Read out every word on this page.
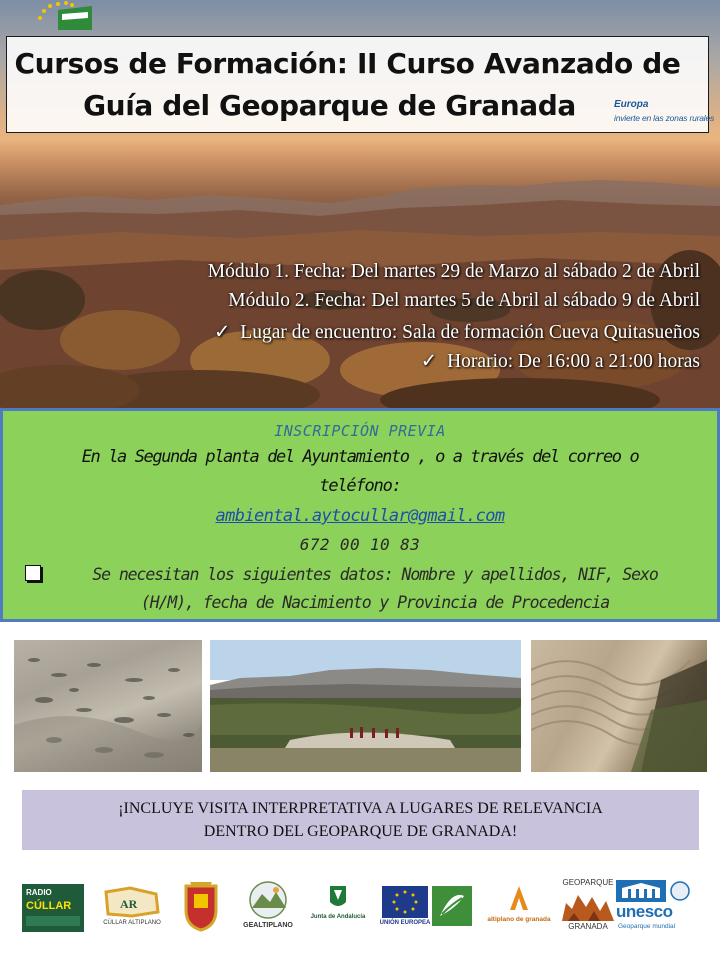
Cursos de Formación: II Curso Avanzado de
Guía del Geoparque de Granada	Europa
invierte en las zonas rurales
Módulo 1. Fecha: Del martes 29 de Marzo al sábado 2 de Abril
Módulo 2. Fecha: Del martes 5 de Abril al sábado 9 de Abril
✓ Lugar de encuentro: Sala de formación Cueva Quitasueños
✓ Horario: De 16:00 a 21:00 horas
INSCRIPCIÓN PREVIA
En la Segunda planta del Ayuntamiento , o a través del correo o
teléfono:
ambiental.aytocullar@gmail.com
672 00 10 83
Se necesitan los siguientes datos: Nombre y apellidos, NIF, Sexo
(H/M), fecha de Nacimiento y Provincia de Procedencia
¡INCLUYE VISITA INTERPRETATIVA A LUGARES DE RELEVANCIA
DENTRO DEL GEOPARQUE DE GRANADA!
RADIO
CÚLLAR	AR
CÚLLAR ALTIPLANO	GEALTIPLANO
Junta de Andalucía
UNIÓN EUROPEA	altiplano de granada
GEOPARQUE
GRANADA
unesco
Geoparque mundial
